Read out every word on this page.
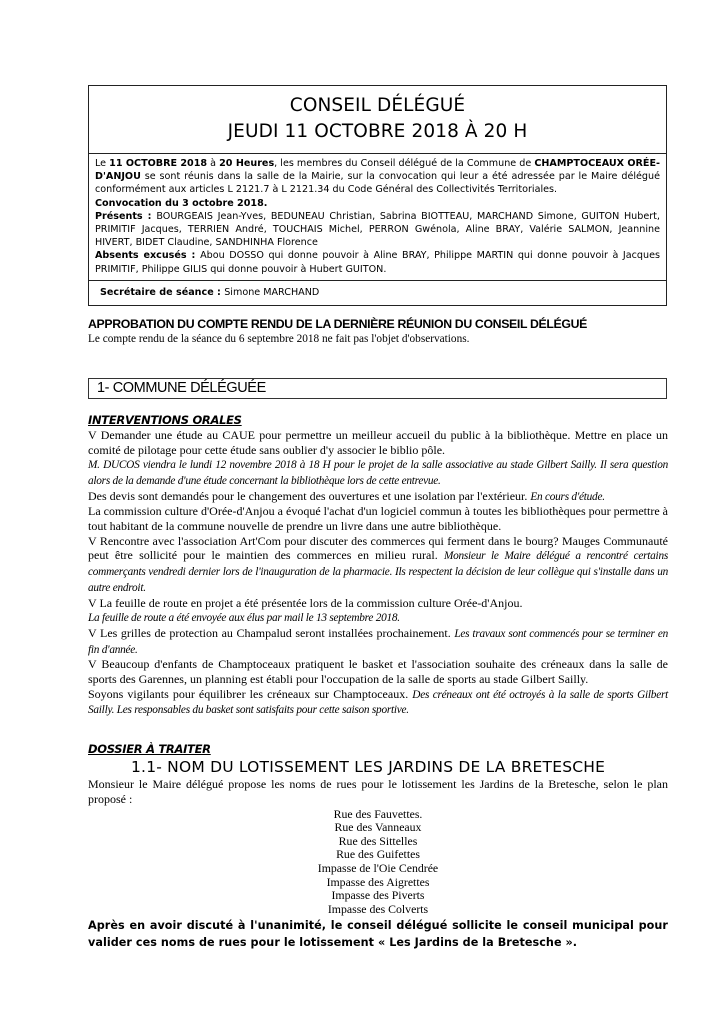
CONSEIL DÉLÉGUÉ
JEUDI 11 OCTOBRE 2018 À 20 H

Le 11 OCTOBRE 2018 à 20 Heures, les membres du Conseil délégué de la Commune de CHAMPTOCEAUX ORÉE-D'ANJOU se sont réunis dans la salle de la Mairie, sur la convocation qui leur a été adressée par le Maire délégué conformément aux articles L 2121.7 à L 2121.34 du Code Général des Collectivités Territoriales.

Convocation du 3 octobre 2018.

Présents : BOURGEAIS Jean-Yves, BEDUNEAU Christian, Sabrina BIOTTEAU, MARCHAND Simone, GUITON Hubert, PRIMITIF Jacques, TERRIEN André, TOUCHAIS Michel, PERRON Gwénola, Aline BRAY, Valérie SALMON, Jeannine HIVERT, BIDET Claudine, SANDHINHA Florence

Absents excusés : Abou DOSSO qui donne pouvoir à Aline BRAY, Philippe MARTIN qui donne pouvoir à Jacques PRIMITIF, Philippe GILIS qui donne pouvoir à Hubert GUITON.

Secrétaire de séance : Simone MARCHAND
APPROBATION DU COMPTE RENDU DE LA DERNIÈRE RÉUNION DU CONSEIL DÉLÉGUÉ
Le compte rendu de la séance du 6 septembre 2018 ne fait pas l'objet d'observations.
1- COMMUNE DÉLÉGUÉE
INTERVENTIONS ORALES

V Demander une étude au CAUE pour permettre un meilleur accueil du public à la bibliothèque. Mettre en place un comité de pilotage pour cette étude sans oublier d'y associer le biblio pôle.

M. DUCOS viendra le lundi 12 novembre 2018 à 18 H pour le projet de la salle associative au stade Gilbert Sailly. Il sera question alors de la demande d'une étude concernant la bibliothèque lors de cette entrevue.

Des devis sont demandés pour le changement des ouvertures et une isolation par l'extérieur. En cours d'étude.

La commission culture d'Orée-d'Anjou a évoqué l'achat d'un logiciel commun à toutes les bibliothèques pour permettre à tout habitant de la commune nouvelle de prendre un livre dans une autre bibliothèque.

V Rencontre avec l'association Art'Com pour discuter des commerces qui ferment dans le bourg? Mauges Communauté peut être sollicité pour le maintien des commerces en milieu rural. Monsieur le Maire délégué a rencontré certains commerçants vendredi dernier lors de l'inauguration de la pharmacie. Ils respectent la décision de leur collègue qui s'installe dans un autre endroit.

V La feuille de route en projet a été présentée lors de la commission culture Orée-d'Anjou.

La feuille de route a été envoyée aux élus par mail le 13 septembre 2018.

V Les grilles de protection au Champalud seront installées prochainement. Les travaux sont commencés pour se terminer en fin d'année.

V Beaucoup d'enfants de Champtoceaux pratiquent le basket et l'association souhaite des créneaux dans la salle de sports des Garennes, un planning est établi pour l'occupation de la salle de sports au stade Gilbert Sailly.

Soyons vigilants pour équilibrer les créneaux sur Champtoceaux. Des créneaux ont été octroyés à la salle de sports Gilbert Sailly. Les responsables du basket sont satisfaits pour cette saison sportive.

DOSSIER À TRAITER
1.1- NOM DU LOTISSEMENT LES JARDINS DE LA BRETESCHE

Monsieur le Maire délégué propose les noms de rues pour le lotissement les Jardins de la Bretesche, selon le plan proposé :

Rue des Fauvettes.
Rue des Vanneaux
Rue des Sittelles
Rue des Guifettes
Impasse de l'Oie Cendrée
Impasse des Aigrettes
Impasse des Piverts
Impasse des Colverts

Après en avoir discuté à l'unanimité, le conseil délégué sollicite le conseil municipal pour valider ces noms de rues pour le lotissement « Les Jardins de la Bretesche ».
